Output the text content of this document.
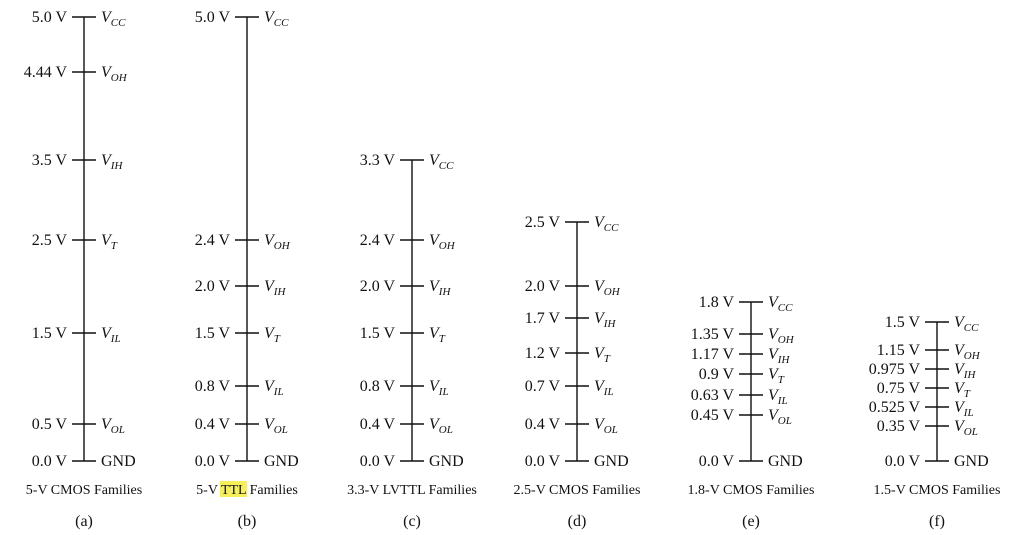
5.0 V $V_{CC}$
4.44 V $V_{OH}$
3.5 V $V_{IH}$
2.5 V $V_T$
1.5 V $V_{IL}$
0.5 V $V_{OL}$
0.0 V GND
5-V CMOS Families
(a)
5.0 V $V_{CC}$
2.4 V $V_{OH}$
2.0 V $V_{IH}$
1.5 V $V_T$
0.8 V $V_{IL}$
0.4 V $V_{OL}$
0.0 V GND
5-V TTL Families
(b)
3.3 V $V_{CC}$
2.4 V $V_{OH}$
2.0 V $V_{IH}$
1.5 V $V_T$
0.8 V $V_{IL}$
0.4 V $V_{OL}$
0.0 V GND
3.3-V LVTTL Families
(c)
2.5 V $V_{CC}$
2.0 V $V_{OH}$
1.7 V $V_{IH}$
1.2 V $V_T$
0.7 V $V_{IL}$
0.4 V $V_{OL}$
0.0 V GND
2.5-V CMOS Families
(d)
1.8 V $V_{CC}$
1.35 V $V_{OH}$
1.17 V $V_{IH}$
0.9 V $V_T$
0.63 V $V_{IL}$
0.45 V $V_{OL}$
0.0 V GND
1.8-V CMOS Families
(e)
1.5 V $V_{CC}$
1.15 V $V_{OH}$
0.975 V $V_{IH}$
0.75 V $V_T$
0.525 V $V_{IL}$
0.35 V $V_{OL}$
0.0 V GND
1.5-V CMOS Families
(f)
